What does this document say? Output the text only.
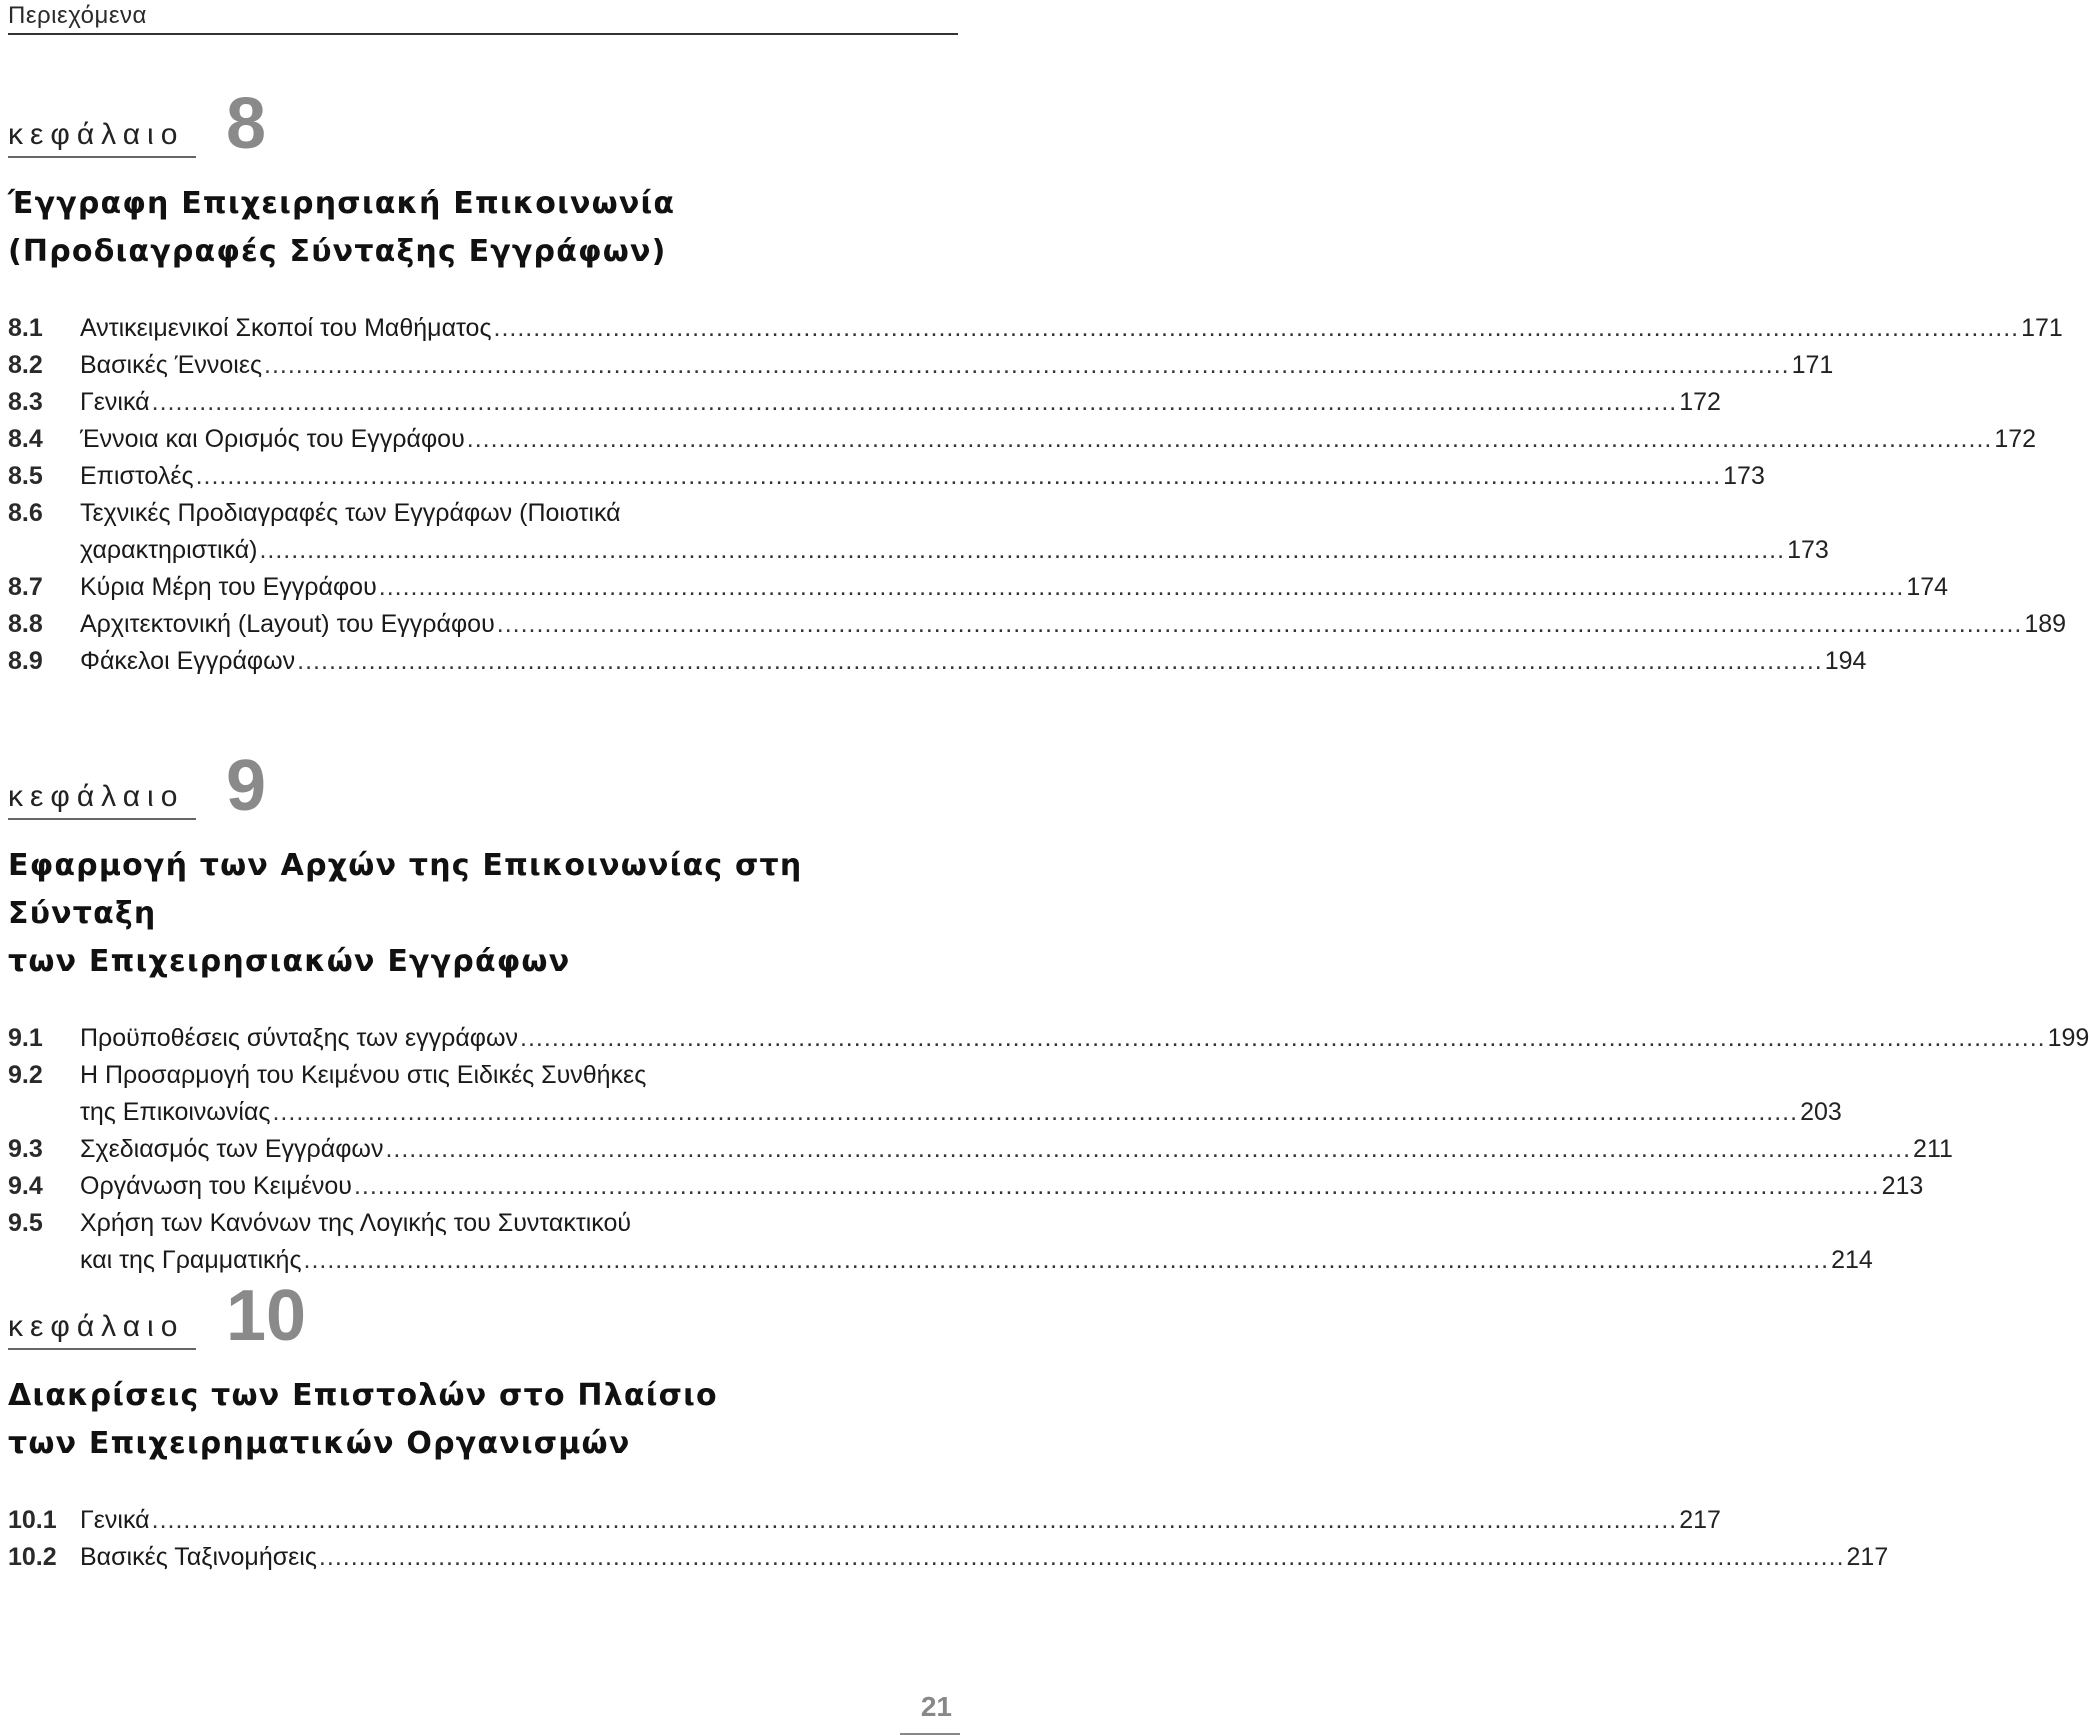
Περιεχόμενα
κεφάλαιο 8
Έγγραφη Επιχειρησιακή Επικοινωνία
(Προδιαγραφές Σύνταξης Εγγράφων)
8.1	Αντικειμενικοί Σκοποί του Μαθήματος .....	171
8.2	Βασικές Έννοιες .....	171
8.3	Γενικά .....	172
8.4	Έννοια και Ορισμός του Εγγράφου .....	172
8.5	Επιστολές .....	173
8.6	Τεχνικές Προδιαγραφές των Εγγράφων (Ποιοτικά
χαρακτηριστικά) .....	173
8.7	Κύρια Μέρη του Εγγράφου .....	174
8.8	Αρχιτεκτονική (Layout) του Εγγράφου .....	189
8.9	Φάκελοι Εγγράφων .....	194
κεφάλαιο 9
Εφαρμογή των Αρχών της Επικοινωνίας στη Σύνταξη
των Επιχειρησιακών Εγγράφων
9.1	Προϋποθέσεις σύνταξης των εγγράφων .....	199
9.2	Η Προσαρμογή του Κειμένου στις Ειδικές Συνθήκες
της Επικοινωνίας .....	203
9.3	Σχεδιασμός των Εγγράφων .....	211
9.4	Οργάνωση του Κειμένου .....	213
9.5	Χρήση των Κανόνων της Λογικής του Συντακτικού
και της Γραμματικής .....	214
κεφάλαιο 10
Διακρίσεις των Επιστολών στο Πλαίσιο
των Επιχειρηματικών Οργανισμών
10.1 Γενικά .....	217
10.2 Βασικές Ταξινομήσεις .....	217
21
